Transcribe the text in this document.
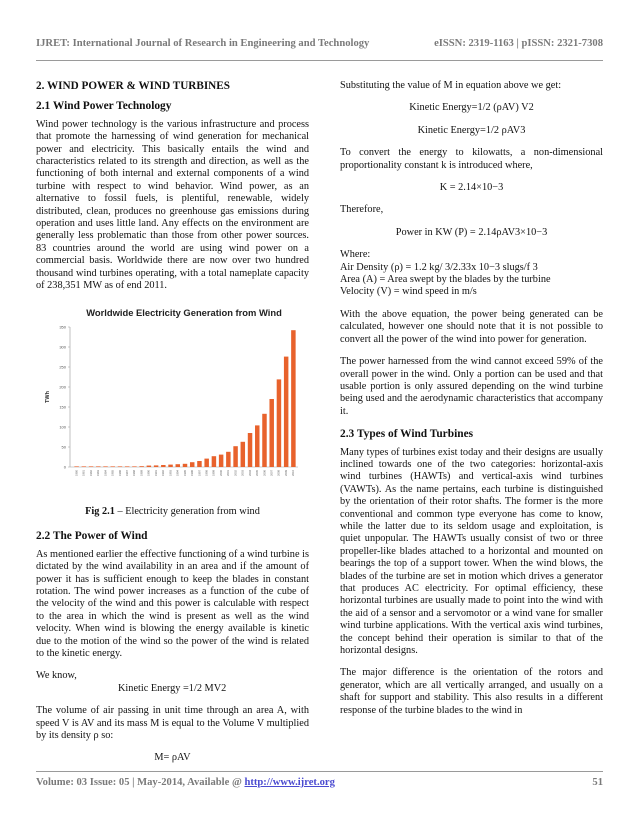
IJRET: International Journal of Research in Engineering and Technology	eISSN: 2319-1163 | pISSN: 2321-7308
2. WIND POWER & WIND TURBINES
2.1 Wind Power Technology

Wind power technology is the various infrastructure and process that promote the harnessing of wind generation for mechanical power and electricity. This basically entails the wind and characteristics related to its strength and direction, as well as the functioning of both internal and external components of a wind turbine with respect to wind behavior. Wind power, as an alternative to fossil fuels, is plentiful, renewable, widely distributed, clean, produces no greenhouse gas emissions during operation and uses little land. Any effects on the environment are generally less problematic than those from other power sources. 83 countries around the world are using wind power on a commercial basis. Worldwide there are now over two hundred thousand wind turbines operating, with a total nameplate capacity of 238,351 MW as of end 2011.

Worldwide Electricity Generation from Wind
TWh
0
50
100
150
200
250
300
350
1980	1981	1982	1983	1984	1985	1986	1987	1988	1989	1990	1991	1992	1993	1994	1995	1996	1997	1998	1999	2000	2001	2002	2003	2004	2005	2006	2007	2008	2009	2010
Fig 2.1 – Electricity generation from wind
2.2 The Power of Wind

As mentioned earlier the effective functioning of a wind turbine is dictated by the wind availability in an area and if the amount of power it has is sufficient enough to keep the blades in constant rotation. The wind power increases as a function of the cube of the velocity of the wind and this power is calculable with respect to the area in which the wind is present as well as the wind velocity. When wind is blowing the energy available is kinetic due to the motion of the wind so the power of the wind is related to the kinetic energy.

We know,

Kinetic Energy =1/2 MV2

The volume of air passing in unit time through an area A, with speed V is AV and its mass M is equal to the Volume V multiplied by its density ρ so:

M= ρAV

Substituting the value of M in equation above we get:

Kinetic Energy=1/2 (ρAV) V2

Kinetic Energy=1/2 ρAV3

To convert the energy to kilowatts, a non-dimensional proportionality constant k is introduced where,

K = 2.14×10−3

Therefore,

Power in KW (P) = 2.14ρAV3×10−3

Where:

Air Density (ρ) = 1.2 kg/ 3/2.33x 10−3 slugs/f 3

Area (A) = Area swept by the blades by the turbine

Velocity (V) = wind speed in m/s

With the above equation, the power being generated can be calculated, however one should note that it is not possible to convert all the power of the wind into power for generation.

The power harnessed from the wind cannot exceed 59% of the overall power in the wind. Only a portion can be used and that usable portion is only assured depending on the wind turbine being used and the aerodynamic characteristics that accompany it.

2.3 Types of Wind Turbines

Many types of turbines exist today and their designs are usually inclined towards one of the two categories: horizontal-axis wind turbines (HAWTs) and vertical-axis wind turbines (VAWTs). As the name pertains, each turbine is distinguished by the orientation of their rotor shafts. The former is the more conventional and common type everyone has come to know, while the latter due to its seldom usage and exploitation, is quiet unpopular. The HAWTs usually consist of two or three propeller-like blades attached to a horizontal and mounted on bearings the top of a support tower. When the wind blows, the blades of the turbine are set in motion which drives a generator that produces AC electricity. For optimal efficiency, these horizontal turbines are usually made to point into the wind with the aid of a sensor and a servomotor or a wind vane for smaller wind turbine applications. With the vertical axis wind turbines, the concept behind their operation is similar to that of the horizontal designs.

The major difference is the orientation of the rotors and generator, which are all vertically arranged, and usually on a shaft for support and stability. This also results in a different response of the turbine blades to the wind in

Volume: 03 Issue: 05 | May-2014, Available @ http://www.ijret.org	51
